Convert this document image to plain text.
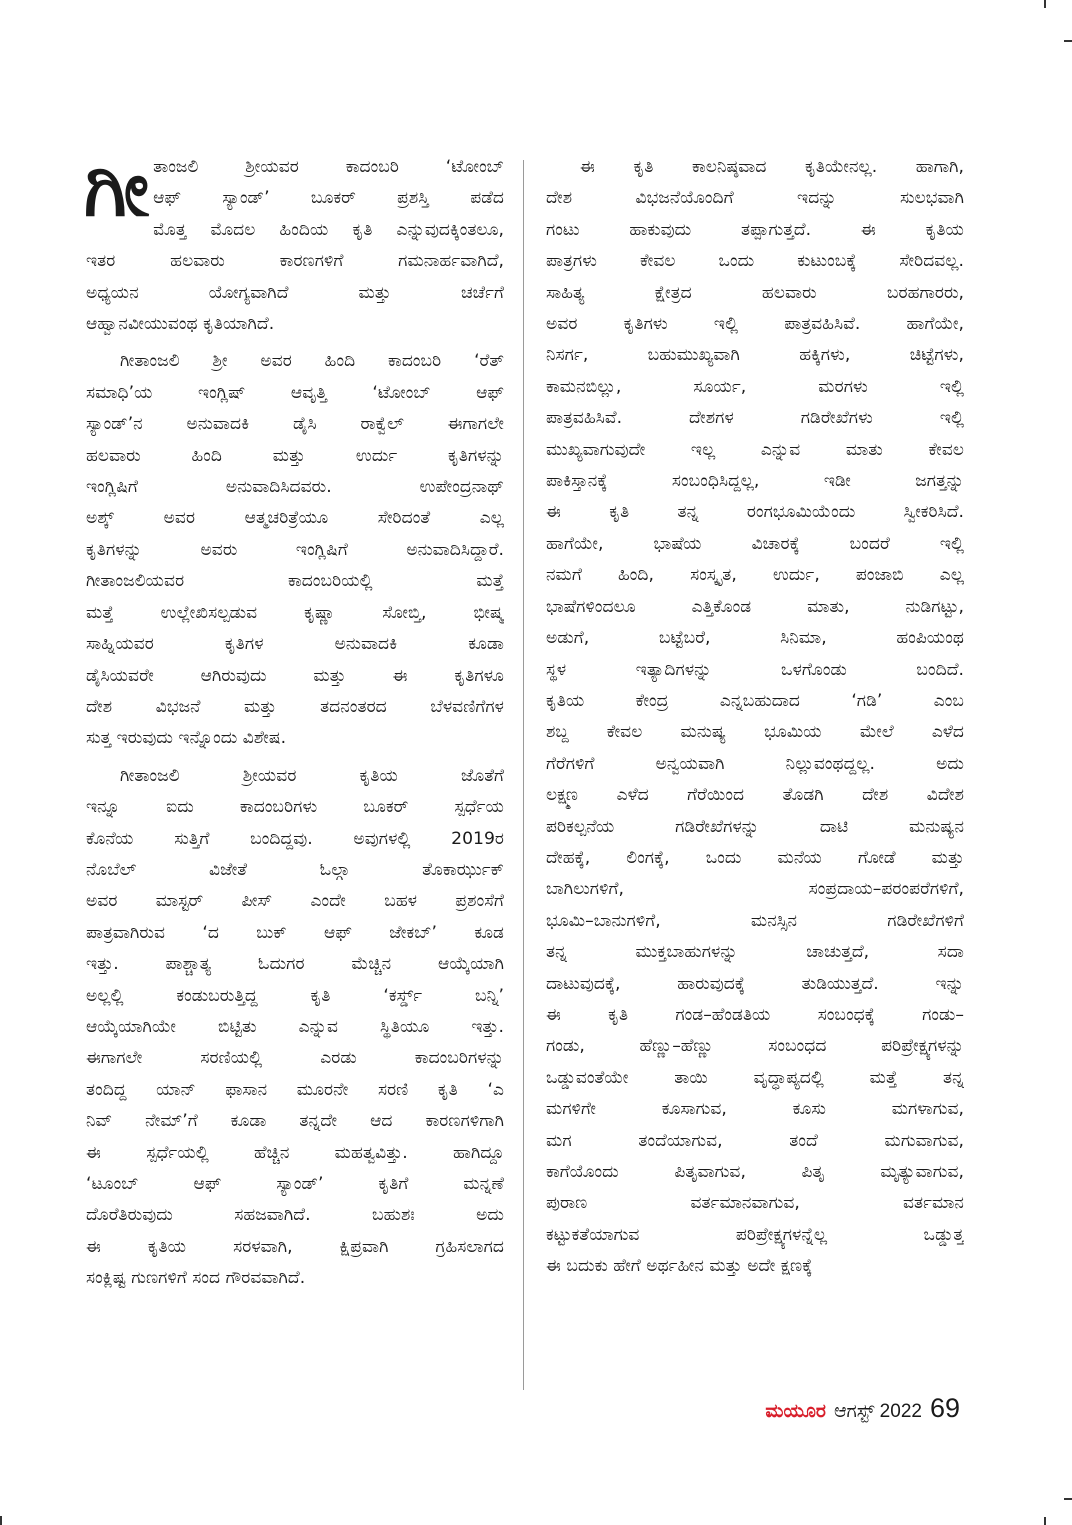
ಗೀ ತಾಂಜಲಿ ಶ್ರೀಯವರ ಕಾದಂಬರಿ ‘ಟೋಂಬ್
ಆಫ್ ಸ್ಯಾಂಡ್’ ಬೂಕರ್ ಪ್ರಶಸ್ತಿ ಪಡೆದ
ಮೊತ್ತ ಮೊದಲ ಹಿಂದಿಯ ಕೃತಿ ಎನ್ನುವುದಕ್ಕಿಂತಲೂ,
ಇತರ ಹಲವಾರು ಕಾರಣಗಳಿಗೆ ಗಮನಾರ್ಹವಾಗಿದೆ,
ಅಧ್ಯಯನ ಯೋಗ್ಯವಾಗಿದೆ ಮತ್ತು ಚರ್ಚೆಗೆ
ಆಹ್ವಾನವೀಯುವಂಥ ಕೃತಿಯಾಗಿದೆ.

ಗೀತಾಂಜಲಿ ಶ್ರೀ ಅವರ ಹಿಂದಿ ಕಾದಂಬರಿ ‘ರೆತ್
ಸಮಾಧಿ’ಯ ಇಂಗ್ಲಿಷ್ ಆವೃತ್ತಿ ‘ಟೋಂಬ್ ಆಫ್
ಸ್ಯಾಂಡ್’ನ ಅನುವಾದಕಿ ಡೈಸಿ ರಾಕ್ವೆಲ್ ಈಗಾಗಲೇ
ಹಲವಾರು ಹಿಂದಿ ಮತ್ತು ಉರ್ದು ಕೃತಿಗಳನ್ನು
ಇಂಗ್ಲಿಷಿಗೆ ಅನುವಾದಿಸಿದವರು. ಉಪೇಂದ್ರನಾಥ್
ಅಶ್ಕ್ ಅವರ ಆತ್ಮಚರಿತ್ರೆಯೂ ಸೇರಿದಂತೆ ಎಲ್ಲ
ಕೃತಿಗಳನ್ನು ಅವರು ಇಂಗ್ಲಿಷಿಗೆ ಅನುವಾದಿಸಿದ್ದಾರೆ.
ಗೀತಾಂಜಲಿಯವರ ಕಾದಂಬರಿಯಲ್ಲಿ ಮತ್ತೆ
ಮತ್ತೆ ಉಲ್ಲೇಖಿಸಲ್ಪಡುವ ಕೃಷ್ಣಾ ಸೋಬ್ತಿ, ಭೀಷ್ಮ
ಸಾಹ್ನಿಯವರ ಕೃತಿಗಳ ಅನುವಾದಕಿ ಕೂಡಾ
ಡೈಸಿಯವರೇ ಆಗಿರುವುದು ಮತ್ತು ಈ ಕೃತಿಗಳೂ
ದೇಶ ವಿಭಜನೆ ಮತ್ತು ತದನಂತರದ ಬೆಳವಣಿಗೆಗಳ
ಸುತ್ತ ಇರುವುದು ಇನ್ನೊಂದು ವಿಶೇಷ.

ಗೀತಾಂಜಲಿ ಶ್ರೀಯವರ ಕೃತಿಯ ಜೊತೆಗೆ
ಇನ್ನೂ ಐದು ಕಾದಂಬರಿಗಳು ಬೂಕರ್ ಸ್ಪರ್ಧೆಯ
ಕೊನೆಯ ಸುತ್ತಿಗೆ ಬಂದಿದ್ದವು. ಅವುಗಳಲ್ಲಿ 2019ರ
ನೊಬೆಲ್ ವಿಜೇತೆ ಓಲ್ಗಾ ತೊಕಾರ್ಝುಕ್
ಅವರ ಮಾಸ್ಟರ್ ಪೀಸ್ ಎಂದೇ ಬಹಳ ಪ್ರಶಂಸೆಗೆ
ಪಾತ್ರವಾಗಿರುವ ‘ದ ಬುಕ್ ಆಫ್ ಜೇಕಬ್’ ಕೂಡ
ಇತ್ತು. ಪಾಶ್ಚಾತ್ಯ ಓದುಗರ ಮೆಚ್ಚಿನ ಆಯ್ಕೆಯಾಗಿ
ಅಲ್ಲಲ್ಲಿ ಕಂಡುಬರುತ್ತಿದ್ದ ಕೃತಿ ‘ಕರ್ಸ್ಡ್ ಬನ್ನಿ’
ಆಯ್ಕೆಯಾಗಿಯೇ ಬಿಟ್ಟಿತು ಎನ್ನುವ ಸ್ಥಿತಿಯೂ ಇತ್ತು.
ಈಗಾಗಲೇ ಸರಣಿಯಲ್ಲಿ ಎರಡು ಕಾದಂಬರಿಗಳನ್ನು
ತಂದಿದ್ದ ಯಾನ್ ಫಾಸಾನ ಮೂರನೇ ಸರಣಿ ಕೃತಿ ‘ಎ
ನಿವ್ ನೇಮ್’ಗೆ ಕೂಡಾ ತನ್ನದೇ ಆದ ಕಾರಣಗಳಿಗಾಗಿ
ಈ ಸ್ಪರ್ಧೆಯಲ್ಲಿ ಹೆಚ್ಚಿನ ಮಹತ್ವವಿತ್ತು. ಹಾಗಿದ್ದೂ
‘ಟೂಂಬ್ ಆಫ್ ಸ್ಯಾಂಡ್’ ಕೃತಿಗೆ ಮನ್ನಣೆ
ದೊರೆತಿರುವುದು ಸಹಜವಾಗಿದೆ. ಬಹುಶಃ ಅದು
ಈ ಕೃತಿಯ ಸರಳವಾಗಿ, ಕ್ಷಿಪ್ರವಾಗಿ ಗ್ರಹಿಸಲಾಗದ
ಸಂಕ್ಲಿಷ್ಟ ಗುಣಗಳಿಗೆ ಸಂದ ಗೌರವವಾಗಿದೆ.

ಈ ಕೃತಿ ಕಾಲನಿಷ್ಠವಾದ ಕೃತಿಯೇನಲ್ಲ. ಹಾಗಾಗಿ,
ದೇಶ ವಿಭಜನೆಯೊಂದಿಗೆ ಇದನ್ನು ಸುಲಭವಾಗಿ
ಗಂಟು ಹಾಕುವುದು ತಪ್ಪಾಗುತ್ತದೆ. ಈ ಕೃತಿಯ
ಪಾತ್ರಗಳು ಕೇವಲ ಒಂದು ಕುಟುಂಬಕ್ಕೆ ಸೇರಿದವಲ್ಲ.
ಸಾಹಿತ್ಯ ಕ್ಷೇತ್ರದ ಹಲವಾರು ಬರಹಗಾರರು,
ಅವರ ಕೃತಿಗಳು ಇಲ್ಲಿ ಪಾತ್ರವಹಿಸಿವೆ. ಹಾಗೆಯೇ,
ನಿಸರ್ಗ, ಬಹುಮುಖ್ಯವಾಗಿ ಹಕ್ಕಿಗಳು, ಚಿಟ್ಟೆಗಳು,
ಕಾಮನಬಿಲ್ಲು, ಸೂರ್ಯ, ಮರಗಳು ಇಲ್ಲಿ
ಪಾತ್ರವಹಿಸಿವೆ. ದೇಶಗಳ ಗಡಿರೇಖೆಗಳು ಇಲ್ಲಿ
ಮುಖ್ಯವಾಗುವುದೇ ಇಲ್ಲ ಎನ್ನುವ ಮಾತು ಕೇವಲ
ಪಾಕಿಸ್ತಾನಕ್ಕೆ ಸಂಬಂಧಿಸಿದ್ದಲ್ಲ, ಇಡೀ ಜಗತ್ತನ್ನು
ಈ ಕೃತಿ ತನ್ನ ರಂಗಭೂಮಿಯೆಂದು ಸ್ವೀಕರಿಸಿದೆ.
ಹಾಗೆಯೇ, ಭಾಷೆಯ ವಿಚಾರಕ್ಕೆ ಬಂದರೆ ಇಲ್ಲಿ
ನಮಗೆ ಹಿಂದಿ, ಸಂಸ್ಕೃತ, ಉರ್ದು, ಪಂಜಾಬಿ ಎಲ್ಲ
ಭಾಷೆಗಳಿಂದಲೂ ಎತ್ತಿಕೊಂಡ ಮಾತು, ನುಡಿಗಟ್ಟು,
ಅಡುಗೆ, ಬಟ್ಟೆಬರೆ, ಸಿನಿಮಾ, ಹಂಪಿಯಂಥ
ಸ್ಥಳ ಇತ್ಯಾದಿಗಳನ್ನು ಒಳಗೊಂಡು ಬಂದಿದೆ.
ಕೃತಿಯ ಕೇಂದ್ರ ಎನ್ನಬಹುದಾದ ‘ಗಡಿ’ ಎಂಬ
ಶಬ್ದ ಕೇವಲ ಮನುಷ್ಯ ಭೂಮಿಯ ಮೇಲೆ ಎಳೆದ
ಗೆರೆಗಳಿಗೆ ಅನ್ವಯವಾಗಿ ನಿಲ್ಲುವಂಥದ್ದಲ್ಲ. ಅದು
ಲಕ್ಷ್ಮಣ ಎಳೆದ ಗೆರೆಯಿಂದ ತೊಡಗಿ ದೇಶ ವಿದೇಶ
ಪರಿಕಲ್ಪನೆಯ ಗಡಿರೇಖೆಗಳನ್ನು ದಾಟಿ ಮನುಷ್ಯನ
ದೇಹಕ್ಕೆ, ಲಿಂಗಕ್ಕೆ, ಒಂದು ಮನೆಯ ಗೋಡೆ ಮತ್ತು
ಬಾಗಿಲುಗಳಿಗೆ, ಸಂಪ್ರದಾಯ–ಪರಂಪರೆಗಳಿಗೆ,
ಭೂಮಿ–ಬಾನುಗಳಿಗೆ, ಮನಸ್ಸಿನ ಗಡಿರೇಖೆಗಳಿಗೆ
ತನ್ನ ಮುಕ್ತಬಾಹುಗಳನ್ನು ಚಾಚುತ್ತದೆ, ಸದಾ
ದಾಟುವುದಕ್ಕೆ, ಹಾರುವುದಕ್ಕೆ ತುಡಿಯುತ್ತದೆ. ಇನ್ನು
ಈ ಕೃತಿ ಗಂಡ–ಹೆಂಡತಿಯ ಸಂಬಂಧಕ್ಕೆ ಗಂಡು–
ಗಂಡು, ಹೆಣ್ಣು–ಹೆಣ್ಣು ಸಂಬಂಧದ ಪರಿಪ್ರೇಕ್ಷ್ಯಗಳನ್ನು
ಒಡ್ಡುವಂತೆಯೇ ತಾಯಿ ವೃದ್ಧಾಪ್ಯದಲ್ಲಿ ಮತ್ತೆ ತನ್ನ
ಮಗಳಿಗೇ ಕೂಸಾಗುವ, ಕೂಸು ಮಗಳಾಗುವ,
ಮಗ ತಂದೆಯಾಗುವ, ತಂದೆ ಮಗುವಾಗುವ,
ಕಾಗೆಯೊಂದು ಪಿತೃವಾಗುವ, ಪಿತೃ ಮೃತ್ಯುವಾಗುವ,
ಪುರಾಣ ವರ್ತಮಾನವಾಗುವ, ವರ್ತಮಾನ
ಕಟ್ಟುಕತೆಯಾಗುವ ಪರಿಪ್ರೇಕ್ಷ್ಯಗಳನ್ನೆಲ್ಲ ಒಡ್ಡುತ್ತ
ಈ ಬದುಕು ಹೇಗೆ ಅರ್ಥಹೀನ ಮತ್ತು ಅದೇ ಕ್ಷಣಕ್ಕೆ

ಮಯೂರ ಆಗಸ್ಟ್ 2022 69
